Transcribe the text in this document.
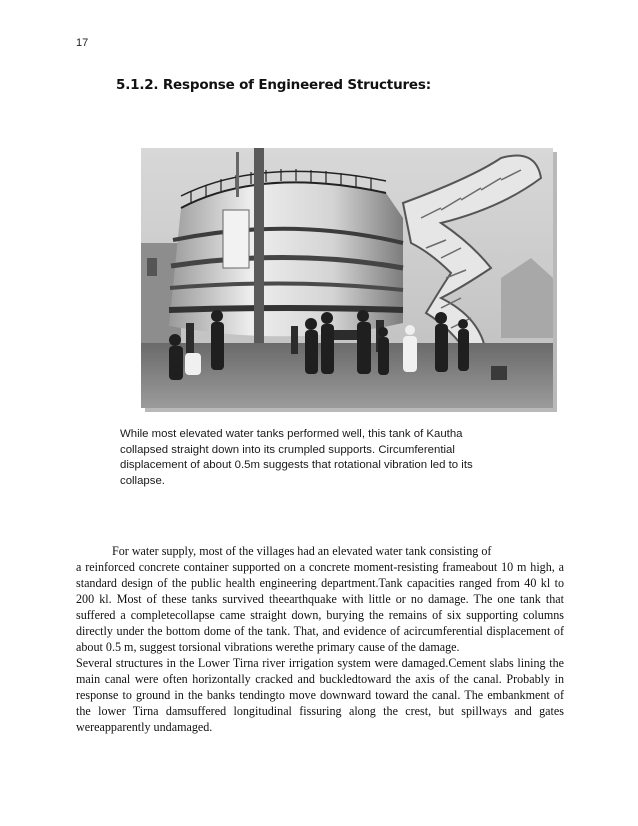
17
5.1.2. Response of Engineered Structures:
While most elevated water tanks performed well, this tank of Kautha collapsed straight down into its crumpled supports. Circumferential displacement of about 0.5m suggests that rotational vibration led to its collapse.

For water supply, most of the villages had an elevated water tank consisting of
a reinforced concrete container supported on a concrete moment-resisting frameabout 10 m high, a standard design of the public health engineering department.Tank capacities ranged from 40 kl to 200 kl. Most of these tanks survived theearthquake with little or no damage. The one tank that suffered a completecollapse came straight down, burying the remains of six supporting columns directly under the bottom dome of the tank. That, and evidence of acircumferential displacement of about 0.5 m, suggest torsional vibrations werethe primary cause of the damage.

Several structures in the Lower Tirna river irrigation system were damaged.Cement slabs lining the main canal were often horizontally cracked and buckledtoward the axis of the canal. Probably in response to ground in the banks tendingto move downward toward the canal. The embankment of the lower Tirna damsuffered longitudinal fissuring along the crest, but spillways and gates wereapparently undamaged.
